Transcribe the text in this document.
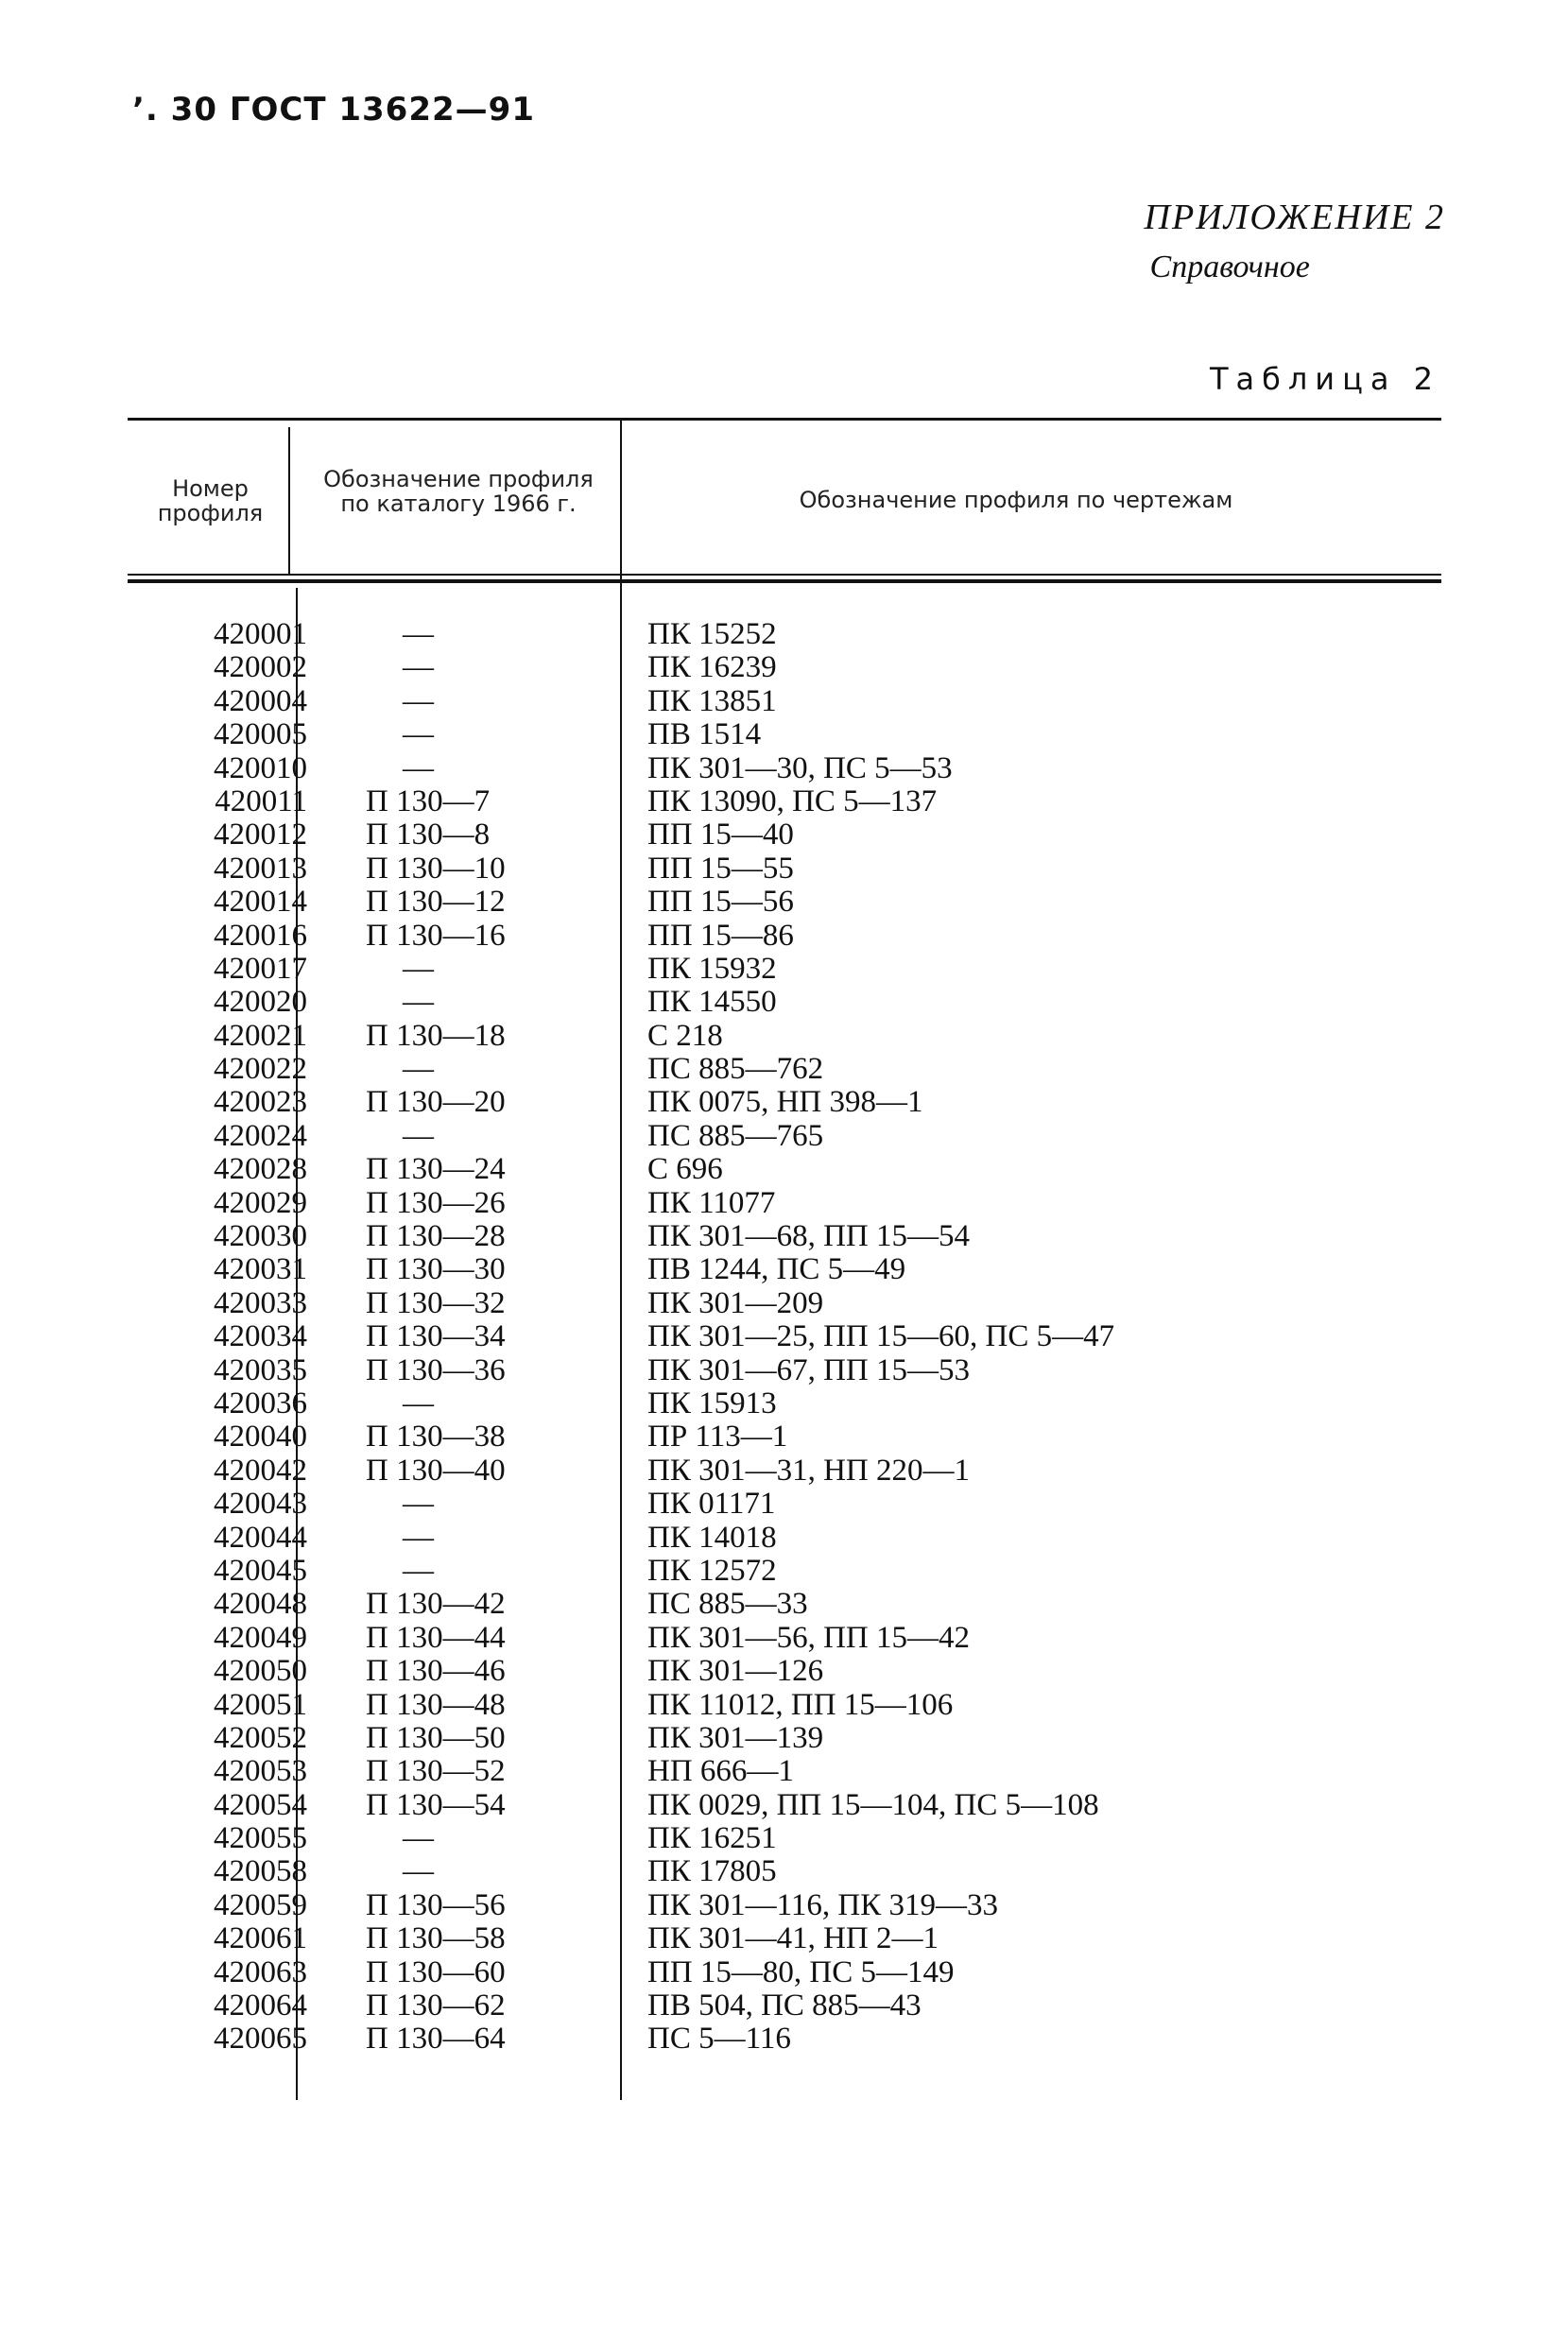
’. 30 ГОСТ 13622—91
ПРИЛОЖЕНИЕ 2
Справочное
Таблица 2
Номер профиля
Обозначение профиля по каталогу 1966 г.	Обозначение профиля по чертежам
420001	—	ПК 15252
420002	—	ПК 16239
420004	—	ПК 13851
420005	—	ПВ 1514
420010	—	ПК 301—30, ПС 5—53
420011 П 130—7	ПК 13090, ПС 5—137
420012 П 130—8	ПП 15—40
420013 П 130—10	ПП 15—55
420014 П 130—12	ПП 15—56
420016 П 130—16	ПП 15—86
420017	—	ПК 15932
420020	—	ПК 14550
420021 П 130—18	С 218
420022	—	ПС 885—762
420023 П 130—20	ПК 0075, НП 398—1
420024	—	ПС 885—765
420028 П 130—24	С 696
420029 П 130—26	ПК 11077
420030 П 130—28	ПК 301—68, ПП 15—54
420031 П 130—30	ПВ 1244, ПС 5—49
420033 П 130—32	ПК 301—209
420034 П 130—34	ПК 301—25, ПП 15—60, ПС 5—47
420035 П 130—36	ПК 301—67, ПП 15—53
420036	—	ПК 15913
420040 П 130—38	ПР 113—1
420042 П 130—40	ПК 301—31, НП 220—1
420043	—	ПК 01171
420044	—	ПК 14018
420045	—	ПК 12572
420048 П 130—42	ПС 885—33
420049 П 130—44	ПК 301—56, ПП 15—42
420050 П 130—46	ПК 301—126
420051 П 130—48	ПК 11012, ПП 15—106
420052 П 130—50	ПК 301—139
420053 П 130—52	НП 666—1
420054 П 130—54	ПК 0029, ПП 15—104, ПС 5—108
420055	—	ПК 16251
420058	—	ПК 17805
420059 П 130—56	ПК 301—116, ПК 319—33
420061 П 130—58	ПК 301—41, НП 2—1
420063 П 130—60	ПП 15—80, ПС 5—149
420064 П 130—62	ПВ 504, ПС 885—43
420065 П 130—64	ПС 5—116
